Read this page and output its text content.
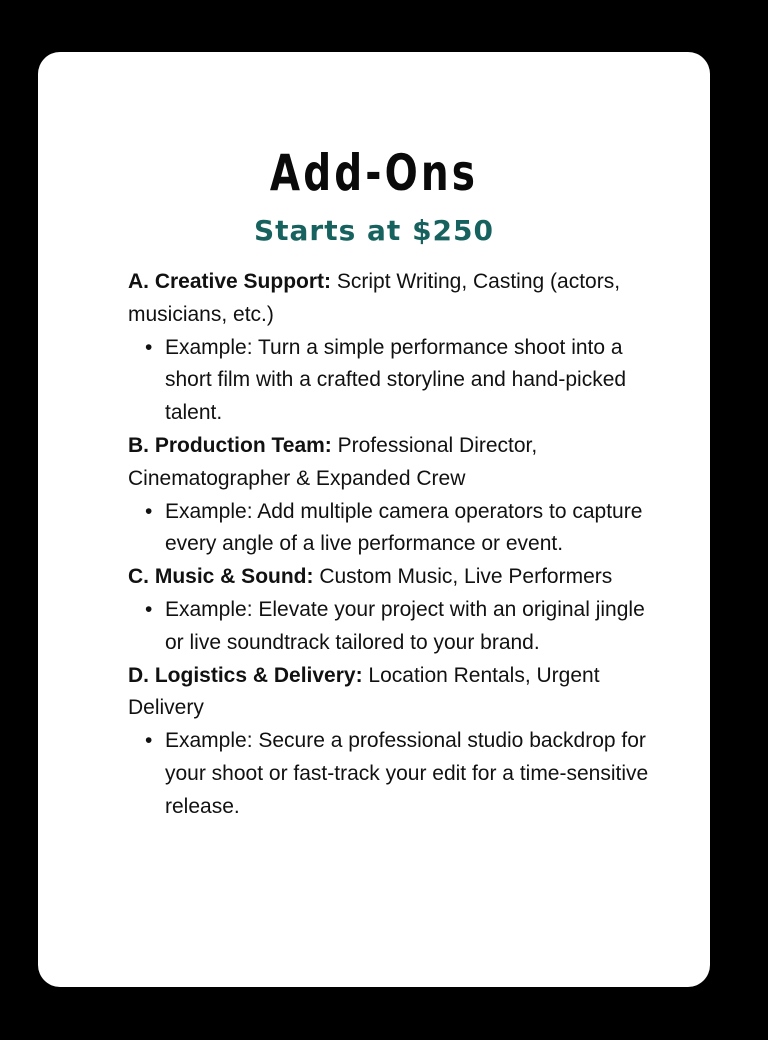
Add-Ons
Starts at $250

A. Creative Support: Script Writing, Casting (actors, musicians, etc.)

• Example: Turn a simple performance shoot into a short film with a crafted storyline and hand-picked talent.

B. Production Team: Professional Director, Cinematographer & Expanded Crew

• Example: Add multiple camera operators to capture every angle of a live performance or event.

C. Music & Sound: Custom Music, Live Performers

• Example: Elevate your project with an original jingle or live soundtrack tailored to your brand.

D. Logistics & Delivery: Location Rentals, Urgent Delivery

• Example: Secure a professional studio backdrop for your shoot or fast-track your edit for a time-sensitive release.
